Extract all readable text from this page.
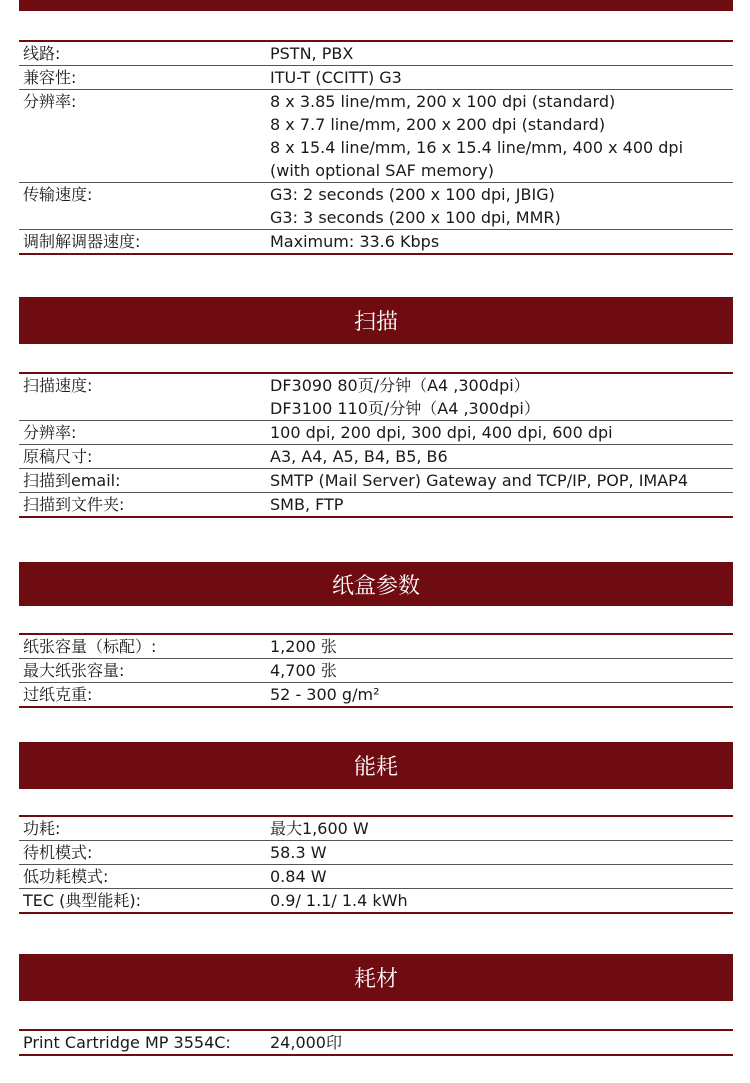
线路:	PSTN, PBX
兼容性:	ITU-T (CCITT) G3
分辨率:	8 x 3.85 line/mm, 200 x 100 dpi (standard)
8 x 7.7 line/mm, 200 x 200 dpi (standard)
8 x 15.4 line/mm, 16 x 15.4 line/mm, 400 x 400 dpi
(with optional SAF memory)
传输速度:	G3: 2 seconds (200 x 100 dpi, JBIG)
G3: 3 seconds (200 x 100 dpi, MMR)
调制解调器速度:	Maximum: 33.6 Kbps
扫描
扫描速度:	DF3090 80页/分钟（A4 ,300dpi）
DF3100 110页/分钟（A4 ,300dpi）
分辨率:	100 dpi, 200 dpi, 300 dpi, 400 dpi, 600 dpi
原稿尺寸:	A3, A4, A5, B4, B5, B6
扫描到email:	SMTP (Mail Server) Gateway and TCP/IP, POP, IMAP4
扫描到文件夹:	SMB, FTP
纸盒参数
纸张容量（标配）:	1,200 张
最大纸张容量:	4,700 张
过纸克重:	52 - 300 g/m²
能耗
功耗:	最大1,600 W
待机模式:	58.3 W
低功耗模式:	0.84 W
TEC (典型能耗):	0.9/ 1.1/ 1.4 kWh
耗材
Print Cartridge MP 3554C:	24,000印
